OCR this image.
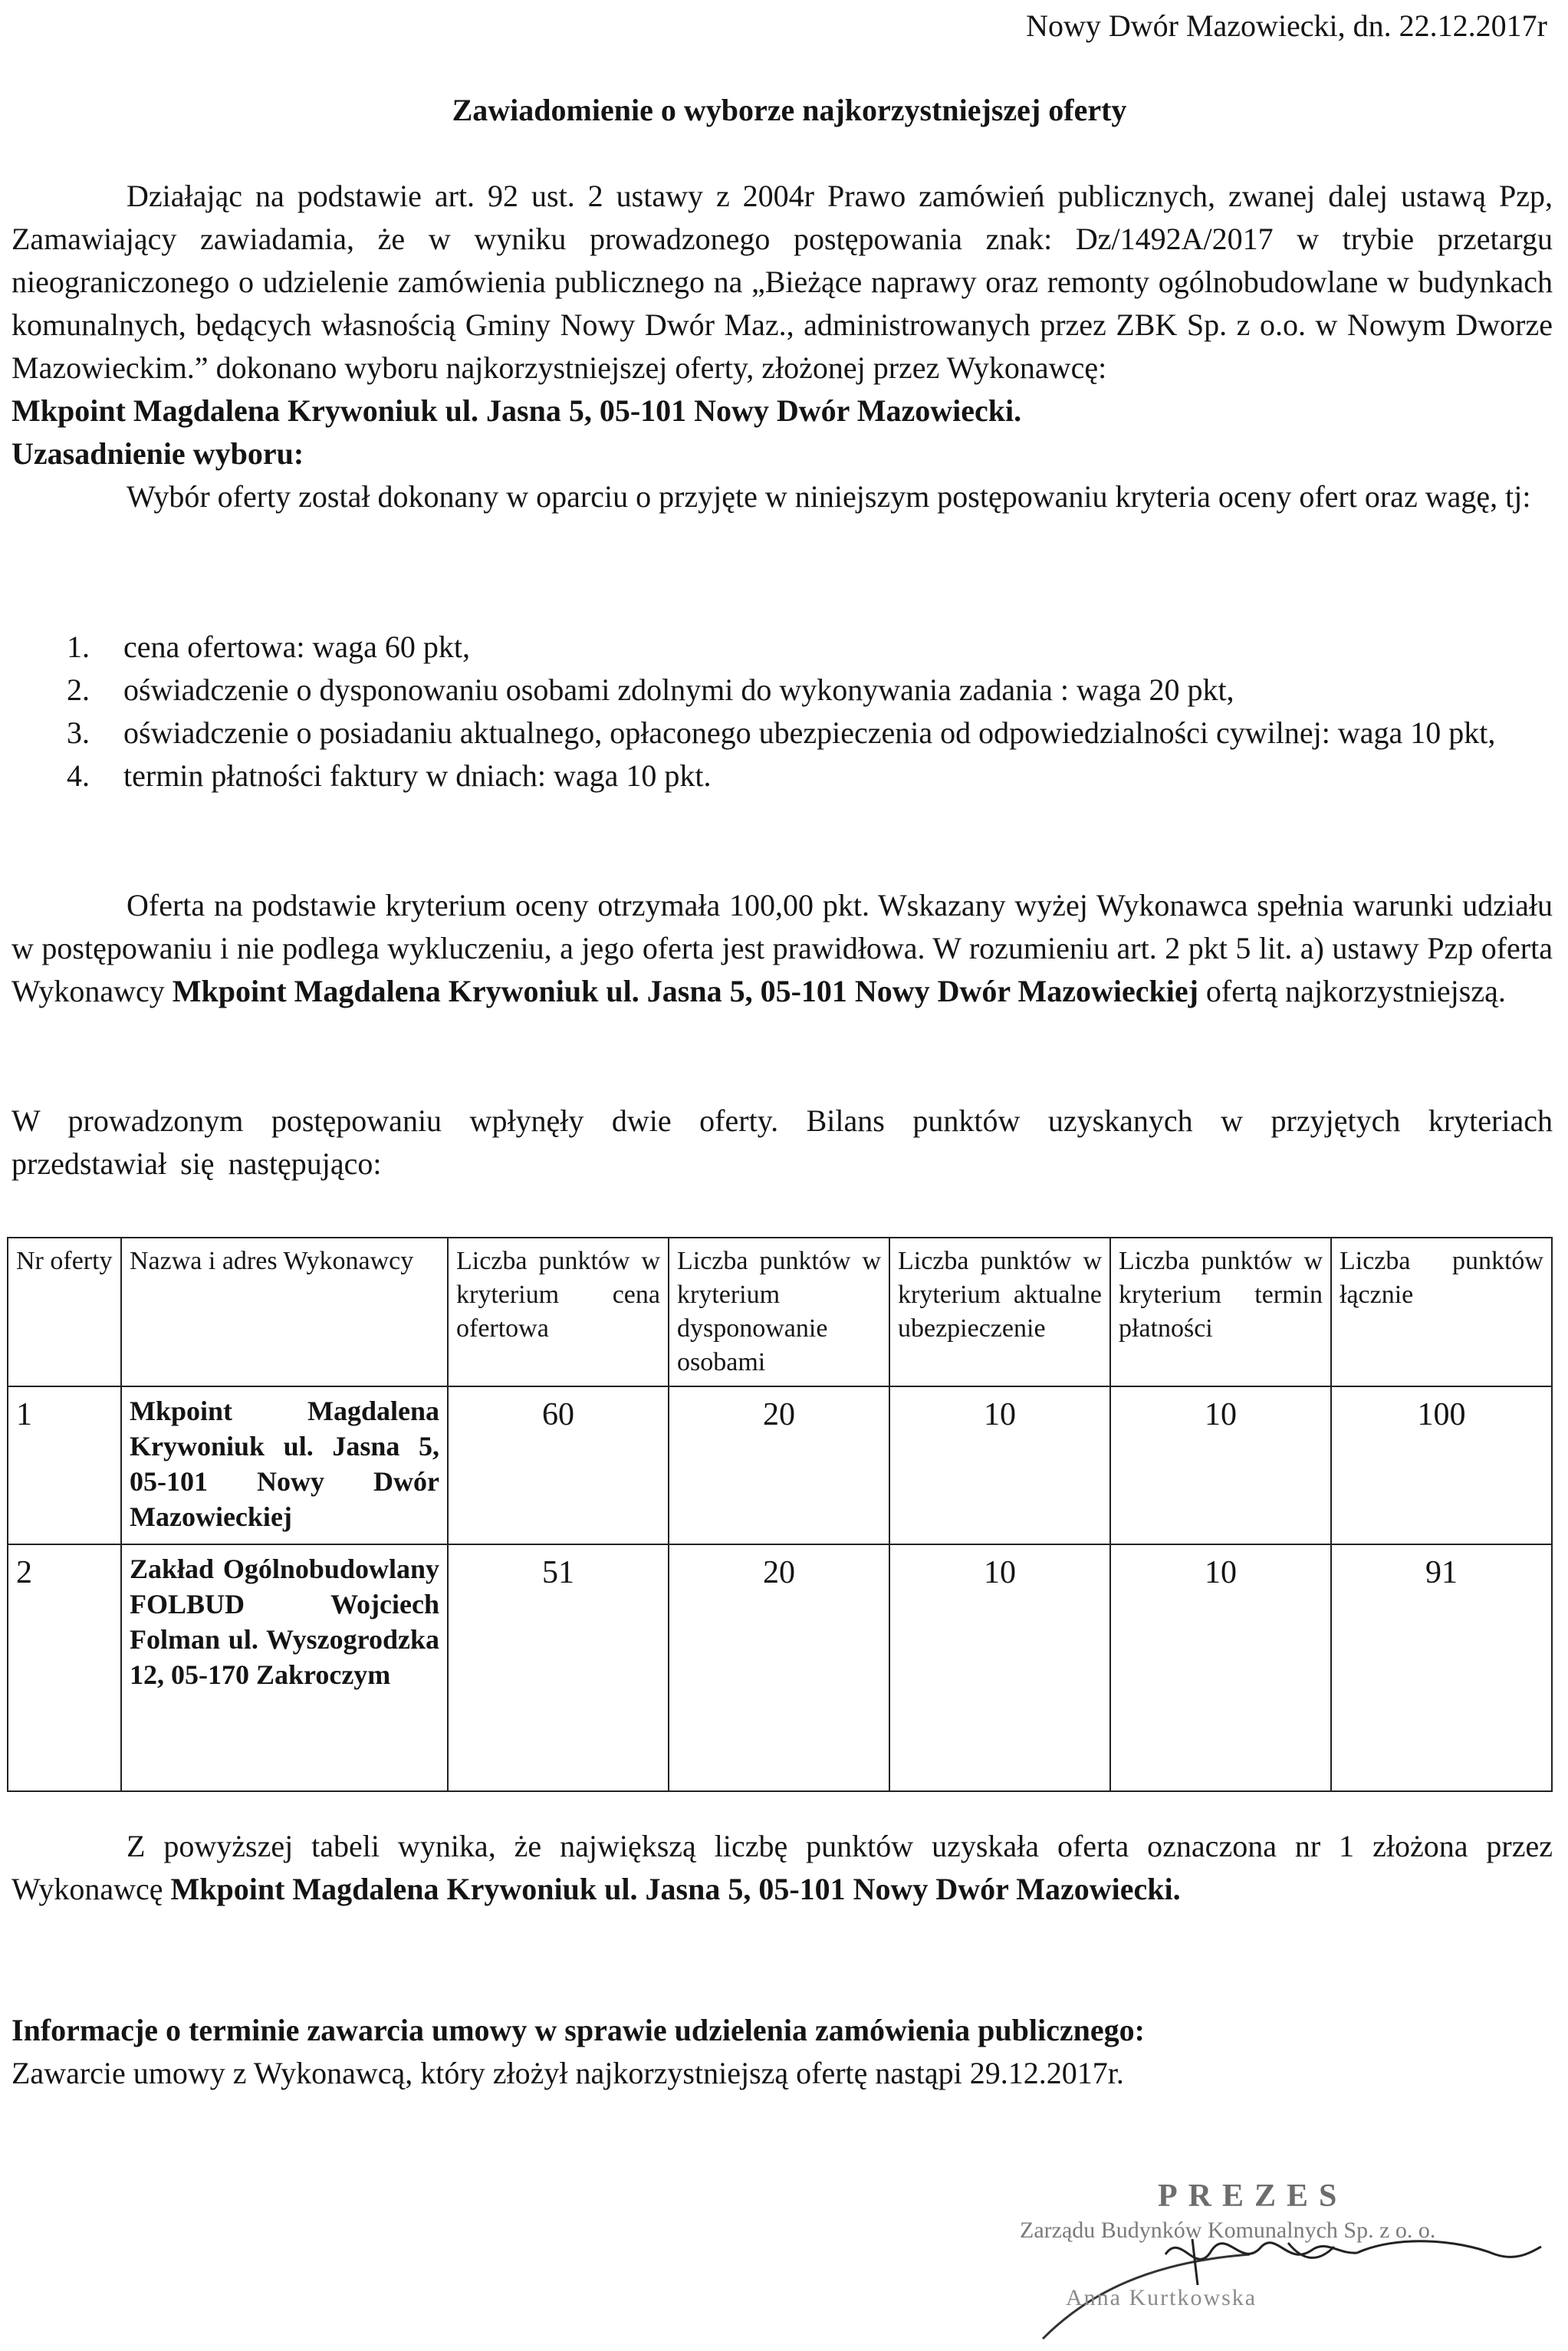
Nowy Dwór Mazowiecki, dn. 22.12.2017r
Zawiadomienie o wyborze najkorzystniejszej oferty
Działając na podstawie art. 92 ust. 2 ustawy z 2004r Prawo zamówień publicznych, zwanej dalej ustawą Pzp, Zamawiający zawiadamia, że w wyniku prowadzonego postępowania znak: Dz/1492A/2017 w trybie przetargu nieograniczonego o udzielenie zamówienia publicznego na „Bieżące naprawy oraz remonty ogólnobudowlane w budynkach komunalnych, będących własnością Gminy Nowy Dwór Maz., administrowanych przez ZBK Sp. z o.o. w Nowym Dworze Mazowieckim.” dokonano wyboru najkorzystniejszej oferty, złożonej przez Wykonawcę:

Mkpoint Magdalena Krywoniuk ul. Jasna 5, 05-101 Nowy Dwór Mazowiecki.
Uzasadnienie wyboru:
Wybór oferty został dokonany w oparciu o przyjęte w niniejszym postępowaniu kryteria oceny ofert oraz wagę, tj:
1. cena ofertowa: waga 60 pkt,
2. oświadczenie o dysponowaniu osobami zdolnymi do wykonywania zadania : waga 20 pkt,
3. oświadczenie o posiadaniu aktualnego, opłaconego ubezpieczenia od odpowiedzialności cywilnej: waga 10 pkt,
4. termin płatności faktury w dniach: waga 10 pkt.
Oferta na podstawie kryterium oceny otrzymała 100,00 pkt. Wskazany wyżej Wykonawca spełnia warunki udziału w postępowaniu i nie podlega wykluczeniu, a jego oferta jest prawidłowa. W rozumieniu art. 2 pkt 5 lit. a) ustawy Pzp oferta Wykonawcy Mkpoint Magdalena Krywoniuk ul. Jasna 5, 05-101 Nowy Dwór Mazowieckiej ofertą najkorzystniejszą.
W prowadzonym postępowaniu wpłynęły dwie oferty. Bilans punktów uzyskanych w przyjętych kryteriach przedstawiał się następująco:
Nr oferty	Nazwa i adres Wykonawcy	Liczba punktów w kryterium cena ofertowa	Liczba punktów w kryterium dysponowanie osobami	Liczba punktów w kryterium aktualne ubezpieczenie	Liczba punktów w kryterium termin płatności	Liczba punktów łącznie
1	Mkpoint Magdalena Krywoniuk ul. Jasna 5, 05-101 Nowy Dwór Mazowieckiej	60	20	10	10	100
2	Zakład Ogólnobudowlany FOLBUD Wojciech Folman ul. Wyszogrodzka 12, 05-170 Zakroczym	51	20	10	10	91
Z powyższej tabeli wynika, że największą liczbę punktów uzyskała oferta oznaczona nr 1 złożona przez Wykonawcę Mkpoint Magdalena Krywoniuk ul. Jasna 5, 05-101 Nowy Dwór Mazowiecki.
Informacje o terminie zawarcia umowy w sprawie udzielenia zamówienia publicznego:
Zawarcie umowy z Wykonawcą, który złożył najkorzystniejszą ofertę nastąpi 29.12.2017r.
PREZES
Zarządu Budynków Komunalnych Sp. z o. o.
Anna Kurtkowska
